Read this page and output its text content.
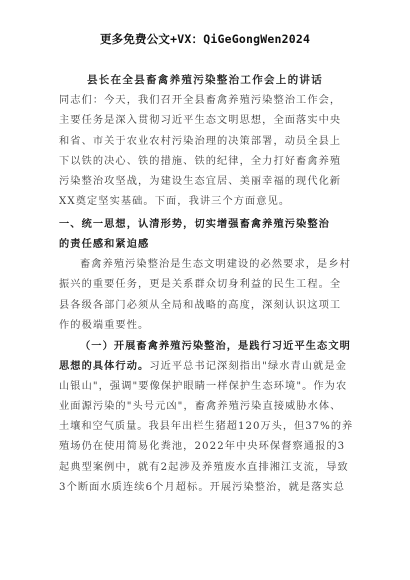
更多免费公文+VX：QiGeGongWen2024
县长在全县畜禽养殖污染整治工作会上的讲话
同志们：今天，我们召开全县畜禽养殖污染整治工作会，
主要任务是深入贯彻习近平生态文明思想，全面落实中央
和省、市关于农业农村污染治理的决策部署，动员全县上
下以铁的决心、铁的措施、铁的纪律，全力打好畜禽养殖
污染整治攻坚战，为建设生态宜居、美丽幸福的现代化新
XX奠定坚实基础。下面，我讲三个方面意见。
一、统一思想，认清形势，切实增强畜禽养殖污染整治
的责任感和紧迫感
畜禽养殖污染整治是生态文明建设的必然要求，是乡村
振兴的重要任务，更是关系群众切身利益的民生工程。全
县各级各部门必须从全局和战略的高度，深刻认识这项工
作的极端重要性。
（一）开展畜禽养殖污染整治，是践行习近平生态文明
思想的具体行动。习近平总书记深刻指出"绿水青山就是金
山银山"，强调"要像保护眼睛一样保护生态环境"。作为农
业面源污染的"头号元凶"，畜禽养殖污染直接威胁水体、
土壤和空气质量。我县年出栏生猪超120万头，但37%的养
殖场仍在使用简易化粪池，2022年中央环保督察通报的3
起典型案例中，就有2起涉及养殖废水直排湘江支流，导致
3个断面水质连续6个月超标。开展污染整治，就是落实总
